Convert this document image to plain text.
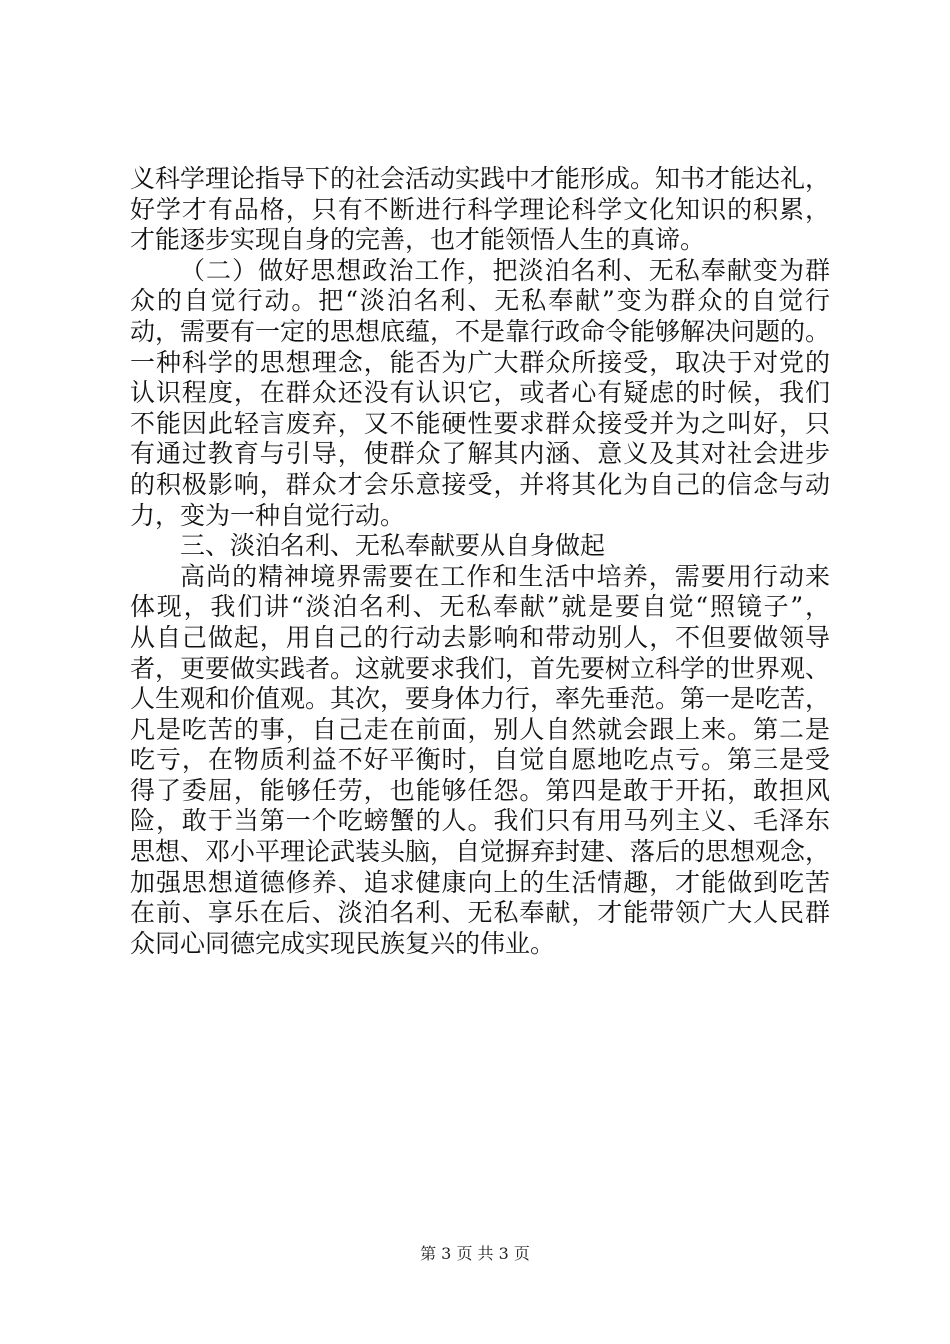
义科学理论指导下的社会活动实践中才能形成。知书才能达礼，
好学才有品格，只有不断进行科学理论科学文化知识的积累，
才能逐步实现自身的完善，也才能领悟人生的真谛。
（二）做好思想政治工作，把淡泊名利、无私奉献变为群
众的自觉行动。把“淡泊名利、无私奉献”变为群众的自觉行
动，需要有一定的思想底蕴，不是靠行政命令能够解决问题的。
一种科学的思想理念，能否为广大群众所接受，取决于对党的
认识程度，在群众还没有认识它，或者心有疑虑的时候，我们
不能因此轻言废弃，又不能硬性要求群众接受并为之叫好，只
有通过教育与引导，使群众了解其内涵、意义及其对社会进步
的积极影响，群众才会乐意接受，并将其化为自己的信念与动
力，变为一种自觉行动。
三、淡泊名利、无私奉献要从自身做起
高尚的精神境界需要在工作和生活中培养，需要用行动来
体现，我们讲“淡泊名利、无私奉献”就是要自觉“照镜子”，
从自己做起，用自己的行动去影响和带动别人，不但要做领导
者，更要做实践者。这就要求我们，首先要树立科学的世界观、
人生观和价值观。其次，要身体力行，率先垂范。第一是吃苦，
凡是吃苦的事，自己走在前面，别人自然就会跟上来。第二是
吃亏，在物质利益不好平衡时，自觉自愿地吃点亏。第三是受
得了委屈，能够任劳，也能够任怨。第四是敢于开拓，敢担风
险，敢于当第一个吃螃蟹的人。我们只有用马列主义、毛泽东
思想、邓小平理论武装头脑，自觉摒弃封建、落后的思想观念，
加强思想道德修养、追求健康向上的生活情趣，才能做到吃苦
在前、享乐在后、淡泊名利、无私奉献，才能带领广大人民群
众同心同德完成实现民族复兴的伟业。
第 3 页 共 3 页
